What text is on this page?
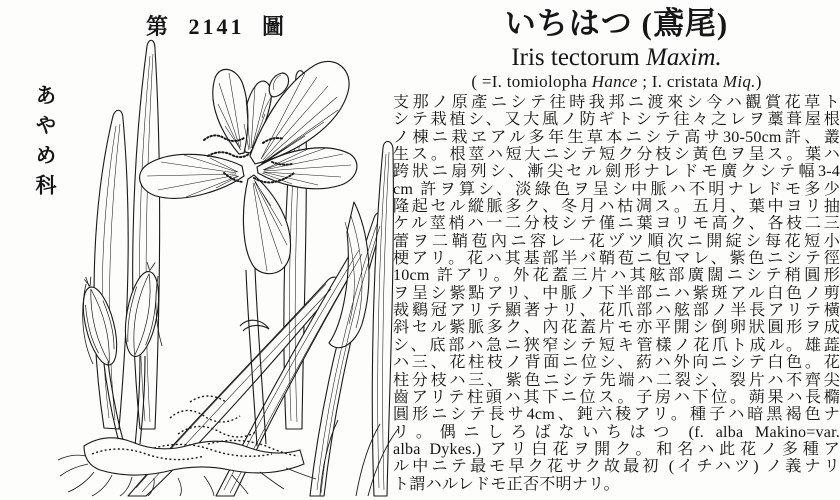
第 2141 圖
あやめ科
いちはつ (鳶尾)
Iris tectorum Maxim.
( =I. tomiolopha Hance ; I. cristata Miq.)
支那ノ原產ニシテ往時我邦ニ渡來シ今ハ觀賞花草ト
シテ栽植シ、又大風ノ防ギトシテ往々之レヲ藁葺屋根
ノ棟ニ栽ヱアル多年生草本ニシテ高サ30-50cm許、叢
生ス。根莖ハ短大ニシテ短ク分枝シ黃色ヲ呈ス。葉ハ
跨狀ニ扇列シ、漸尖セル劍形ナレドモ廣クシテ幅3-4
cm 許ヲ算シ、淡綠色ヲ呈シ中脈ハ不明ナレドモ多少
隆起セル縱脈多ク、冬月ハ枯凋ス。五月、葉中ヨリ抽
ケル莖梢ハ一二分枝シテ僅ニ葉ヨリモ高ク、各枝二三
蕾ヲ二鞘苞內ニ容レ一花ヅツ順次ニ開綻シ每花短小
梗アリ。花ハ其基部半バ鞘苞ニ包マレ、紫色ニシテ徑
10cm 許アリ。外花蓋三片ハ其舷部廣闊ニシテ稍圓形
ヲ呈シ紫點アリ、中脈ノ下半部ニハ紫斑アル白色ノ剪
裁鷄冠アリテ顯著ナリ、花爪部ハ舷部ノ半長アリテ橫
斜セル紫脈多ク、內花蓋片モ亦平開シ倒卵狀圓形ヲ成
シ、底部ハ急ニ狹窄シテ短キ管樣ノ花爪ト成ル。雄蕋
ハ三、花柱枝ノ背面ニ位シ、葯ハ外向ニシテ白色。花
柱分枝ハ三、紫色ニシテ先端ハ二裂シ、裂片ハ不齊尖
齒アリテ柱頭ハ其下ニ位ス。子房ハ下位。蒴果ハ長橢
圓形ニシテ長サ4cm、鈍六稜アリ。種子ハ暗黑褐色ナ
リ。偶ニしろばないちはつ (f. alba Makino=var.
alba Dykes.) アリ白花ヲ開ク。和名ハ此花ノ多種ア
ル中ニテ最モ早ク花サク故最初 (イチハツ) ノ義ナリ
ト謂ハルレドモ正否不明ナリ。
